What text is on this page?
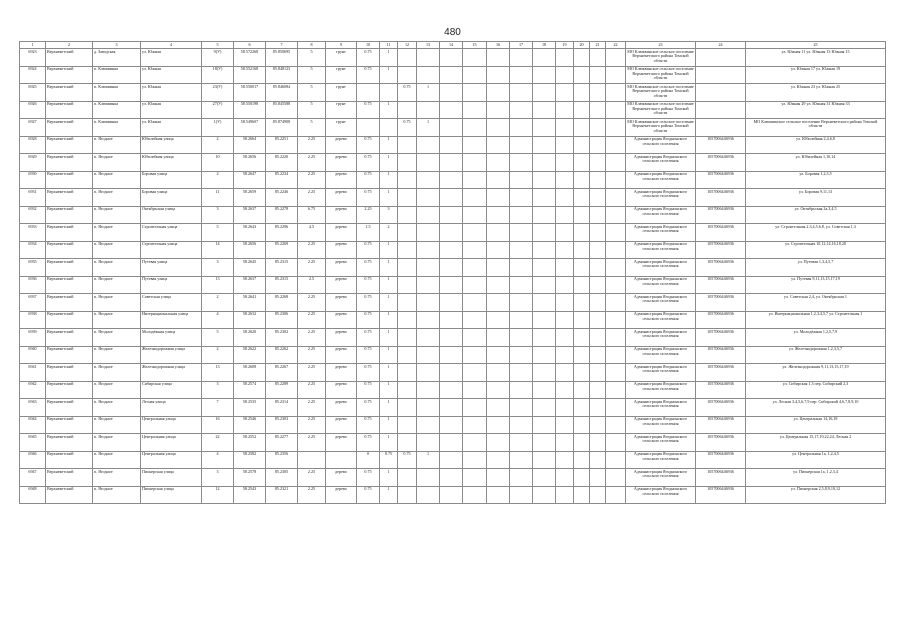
480
1	2	3	4	5	6	7	8	9	10	11	12	13	14	15	16	17	18	19	20	21	22	23	24	25
6923	Верхнекетский	д. Заводская	ул. Южная	9(У)	58.572268	85.850695	5	грунт	0.75	1												МО Клюквинское сельское поселение Верхнекетского района Томской области		ул. Южная 11 ул. Южная 13 Южная 15
6924	Верхнекетский	п. Клюквинка	ул. Южная	18(У)	58.552168	85.848123	5	грунт	0.75	1												МО Клюквинское сельское поселение Верхнекетского района Томской области		ул. Южная 17 ул. Южная 19
6925	Верхнекетский	п. Клюквинка	ул. Южная	23(У)	58.550017	85.846084	5	грунт			0.75	1										МО Клюквинское сельское поселение Верхнекетского района Томской области		ул. Южная 23 ул. Южная 25
6926	Верхнекетский	п. Клюквинка	ул. Южная	27(У)	58.550198	85.845588	5	грунт	0.75	1												МО Клюквинское сельское поселение Верхнекетского района Томской области		ул. Южная 29 ул. Южная 31 Южная 33
6927	Верхнекетский	п. Клюквинка	ул. Южная	1(У)	58.549607	85.874908	5	грунт			0.75	1										МО Клюквинское сельское поселение Верхнекетского района Томской области		МО Клюквинское сельское поселение Верхнекетского района Томской области
6928	Верхнекетский	п. Ягодное	Юбилейная улица	2	58.2664	85.2251	2.25	дерево	0.75	1												Администрация Ягоднинского сельского поселения	1057006446936	ул. Юбилейная 2,4,6,8
6929	Верхнекетский	п. Ягодное	Юбилейная улица	10	58.2656	85.2220	2.25	дерево	0.75	1												Администрация Ягоднинского сельского поселения	1057006446936	ул. Юбилейная 1,10,14
6930	Верхнекетский	п. Ягодное	Боровая улица	2	58.2647	85.2234	2.25	дерево	0.75	1												Администрация Ягоднинского сельского поселения	1057006446936	ул. Боровая 1,2,3,5
6931	Верхнекетский	п. Ягодное	Боровая улица	11	58.2659	85.2246	2.25	дерево	0.75	1												Администрация Ягоднинского сельского поселения	1057006446936	ул. Боровая 9,11,13
6932	Верхнекетский	п. Ягодное	Октябрьская улица	3	58.2637	85.2278	6.75	дерево	2.25	3												Администрация Ягоднинского сельского поселения	1057006446936	ул. Октябрьская 2а,3,4,5
6933	Верхнекетский	п. Ягодное	Строительная улица	5	58.2643	85.2296	4.5	дерево	1.5	2												Администрация Ягоднинского сельского поселения	1057006446936	ул. Строительная 2,3,4,5,6,8, ул. Советская 1,3
6934	Верхнекетский	п. Ягодное	Строительная улица	14	58.2656	85.2269	2.25	дерево	0.75	1												Администрация Ягоднинского сельского поселения	1057006446936	ул. Строительная 10,12,14,16,18,20
6935	Верхнекетский	п. Ягодное	Путевая улица	3	58.2645	85.2315	2.25	дерево	0.75	1												Администрация Ягоднинского сельского поселения	1057006446936	ул. Путевая 1,3,4,5,7
6936	Верхнекетский	п. Ягодное	Путевая улица	13	58.2637	85.2315	2.5	дерево	0.75	1												Администрация Ягоднинского сельского поселения	1057006446936	ул. Путевая 9,11,13,15,17,19
6937	Верхнекетский	п. Ягодное	Советская улица	2	58.2641	85.2268	2.25	дерево	0.75	1												Администрация Ягоднинского сельского поселения	1057006446936	ул. Советская 2,4, ул. Октябрьская 1
6938	Верхнекетский	п. Ягодное	Интернациональная улица	4	58.2632	85.2306	2.25	дерево	0.75	1												Администрация Ягоднинского сельского поселения	1057006446936	ул. Интернациональная 1,2,3,4,5,7 ул. Строительная 1
6939	Верхнекетский	п. Ягодное	Молодёжная улица	5	58.2620	85.2302	2.25	дерево	0.75	1												Администрация Ягоднинского сельского поселения	1057006446936	ул. Молодёжная 1,2,5,7,9
6940	Верхнекетский	п. Ягодное	Железнодорожная улица	2	58.2622	85.2262	2.25	дерево	0.75	1												Администрация Ягоднинского сельского поселения	1057006446936	ул. Железнодорожная 1,2,3,5,7
6941	Верхнекетский	п. Ягодное	Железнодорожная улица	13	58.2608	85.2267	2.25	дерево	0.75	1												Администрация Ягоднинского сельского поселения	1057006446936	ул. Железнодорожная 9,11,13,15,17,19
6942	Верхнекетский	п. Ягодное	Сибирская улица	3	58.2574	85.2289	2.25	дерево	0.75	1												Администрация Ягоднинского сельского поселения	1057006446936	ул. Сибирская 1,3 пер. Сибирский 2,3
6943	Верхнекетский	п. Ягодное	Лесная улица	7	58.2535	85.2314	2.25	дерево	0.75	1												Администрация Ягоднинского сельского поселения	1057006446936	ул. Лесная 3,4,5,6,7,9 пер. Сибирский 4,6,7,8,9,10
6944	Верхнекетский	п. Ягодное	Центральная улица	16	58.2546	85.2303	2.25	дерево	0.75	1												Администрация Ягоднинского сельского поселения	1057006446936	ул. Центральная 14,16,18
6945	Верхнекетский	п. Ягодное	Центральная улица	22	58.2552	85.2277	2.25	дерево	0.75	1												Администрация Ягоднинского сельского поселения	1057006446936	ул. Центральная 15,17,19,22,24, Лесная 2
6946	Верхнекетский	п. Ягодное	Центральная улица	4	58.2582	85.2356			0	0.75	0.75	1										Администрация Ягоднинского сельского поселения	1057006446936	ул. Центральная 1а, 1,2,4,5
6947	Верхнекетский	п. Ягодное	Пионерская улица	3	58.2578	85.2305	2.25	дерево	0.75	1												Администрация Ягоднинского сельского поселения	1057006446936	ул. Пионерская 1а, 1,2,3,4
6948	Верхнекетский	п. Ягодное	Пионерская улица	12	58.2543	85.2321	2.25	дерево	0.75	1												Администрация Ягоднинского сельского поселения	1057006446936	ул. Пионерская 2,5,8,9,10,12
